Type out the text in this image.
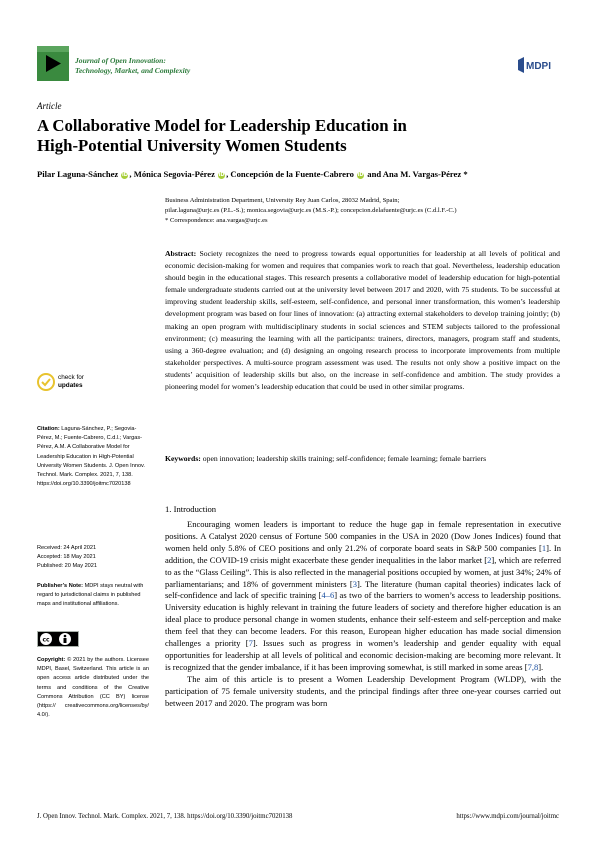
Journal of Open Innovation:
Technology, Market, and Complexity	MDPI
Article
A Collaborative Model for Leadership Education in
High-Potential University Women Students
Pilar Laguna-Sánchez iD , Mónica Segovia-Pérez iD , Concepción de la Fuente-Cabrero iD and Ana M. Vargas-Pérez *
Business Administration Department, University Rey Juan Carlos, 28032 Madrid, Spain;
pilar.laguna@urjc.es (P.L.-S.); monica.segovia@urjc.es (M.S.-P.); concepcion.delafuente@urjc.es (C.d.l.F.-C.)
* Correspondence: ana.vargas@urjc.es
Abstract: Society recognizes the need to progress towards equal opportunities for leadership at all levels of political and economic decision-making for women and requires that companies work to reach that goal. Nevertheless, leadership education should begin in the educational stages. This research presents a collaborative model of leadership education for high-potential female undergraduate students carried out at the university level between 2017 and 2020, with 75 students. To be successful at improving student leadership skills, self-esteem, self-confidence, and personal inner transformation, this women’s leadership development program was based on four lines of innovation: (a) attracting external stakeholders to develop training jointly; (b) making an open program with multidisciplinary students in social sciences and STEM subjects tailored to the professional environment; (c) measuring the learning with all the participants: trainers, directors, managers, program staff and students, using a 360-degree evaluation; and (d) designing an ongoing research process to incorporate improvements from multiple stakeholder perspectives. A multi-source program assessment was used. The results not only show a positive impact on the students’ acquisition of leadership skills but also, on the increase in self-confidence and ambition. The study provides a pioneering model for women’s leadership education that could be used in other similar programs.
Keywords: open innovation; leadership skills training; self-confidence; female learning; female barriers
check for
updates
Citation: Laguna-Sánchez, P.; Segovia-Pérez, M.; Fuente-Cabrero, C.d.l.; Vargas-Pérez, A.M. A Collaborative Model for Leadership Education in High-Potential University Women Students. J. Open Innov. Technol. Mark. Complex. 2021, 7, 138. https://doi.org/10.3390/joitmc7020138
Received: 24 April 2021
Accepted: 18 May 2021
Published: 20 May 2021
Publisher’s Note: MDPI stays neutral with regard to jurisdictional claims in published maps and institutional affiliations.
cc
Copyright: © 2021 by the authors. Licensee MDPI, Basel, Switzerland. This article is an open access article distributed under the terms and conditions of the Creative Commons Attribution (CC BY) license (https:// creativecommons.org/licenses/by/ 4.0/).
1. Introduction

Encouraging women leaders is important to reduce the huge gap in female representation in executive positions. A Catalyst 2020 census of Fortune 500 companies in the USA in 2020 (Dow Jones Indices) found that women held only 5.8% of CEO positions and only 21.2% of corporate board seats in S&P 500 companies [1]. In addition, the COVID-19 crisis might exacerbate these gender inequalities in the labor market [2], which are referred to as the “Glass Ceiling”. This is also reflected in the managerial positions occupied by women, at just 34%; 24% of parliamentarians; and 18% of government ministers [3]. The literature (human capital theories) indicates lack of self-confidence and lack of specific training [4–6] as two of the barriers to women’s access to leadership positions. University education is highly relevant in training the future leaders of society and therefore higher education is an ideal place to produce personal change in women students, enhance their self-esteem and self-perception and make them feel that they can become leaders. For this reason, European higher education has made social dimension challenges a priority [7]. Issues such as progress in women’s leadership and gender equality with equal opportunities for leadership at all levels of political and economic decision-making are becoming more relevant. It is recognized that the gender imbalance, if it has been improving somewhat, is still marked in some areas [7,8].

The aim of this article is to present a Women Leadership Development Program (WLDP), with the participation of 75 female university students, and the principal findings after three one-year courses carried out between 2017 and 2020. The program was born

J. Open Innov. Technol. Mark. Complex. 2021, 7, 138. https://doi.org/10.3390/joitmc7020138	https://www.mdpi.com/journal/joitmc
